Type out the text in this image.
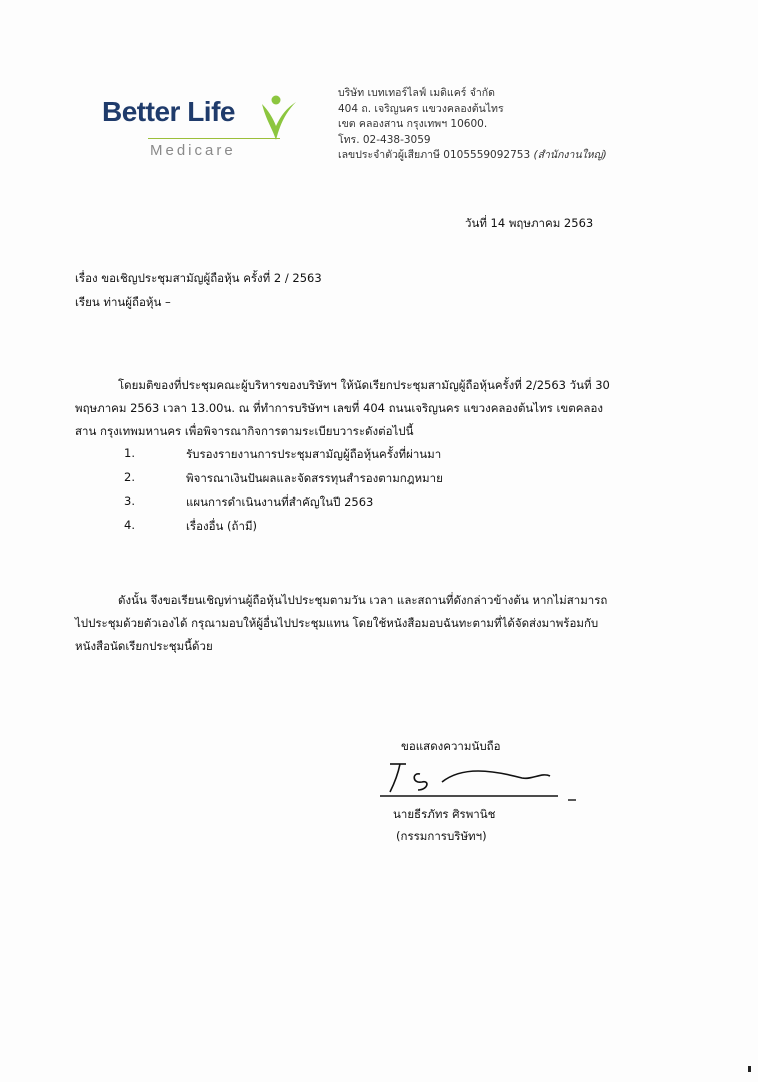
Better Life
Medicare
บริษัท เบทเทอร์ไลฟ์ เมดิแคร์ จำกัด
404 ถ. เจริญนคร แขวงคลองต้นไทร
เขต คลองสาน กรุงเทพฯ 10600.
โทร. 02-438-3059
เลขประจำตัวผู้เสียภาษี 0105559092753 (สำนักงานใหญ่)
วันที่ 14 พฤษภาคม 2563
เรื่อง ขอเชิญประชุมสามัญผู้ถือหุ้น ครั้งที่ 2 / 2563
เรียน ท่านผู้ถือหุ้น –
โดยมติของที่ประชุมคณะผู้บริหารของบริษัทฯ ให้นัดเรียกประชุมสามัญผู้ถือหุ้นครั้งที่ 2/2563 วันที่ 30
พฤษภาคม 2563 เวลา 13.00น. ณ ที่ทำการบริษัทฯ เลขที่ 404 ถนนเจริญนคร แขวงคลองต้นไทร เขตคลอง
สาน กรุงเทพมหานคร เพื่อพิจารณากิจการตามระเบียบวาระดังต่อไปนี้
1.	รับรองรายงานการประชุมสามัญผู้ถือหุ้นครั้งที่ผ่านมา
2.	พิจารณาเงินปันผลและจัดสรรทุนสำรองตามกฎหมาย
3.	แผนการดำเนินงานที่สำคัญในปี 2563
4.	เรื่องอื่น (ถ้ามี)
ดังนั้น จึงขอเรียนเชิญท่านผู้ถือหุ้นไปประชุมตามวัน เวลา และสถานที่ดังกล่าวข้างต้น หากไม่สามารถ
ไปประชุมด้วยตัวเองได้ กรุณามอบให้ผู้อื่นไปประชุมแทน โดยใช้หนังสือมอบฉันทะตามที่ได้จัดส่งมาพร้อมกับ
หนังสือนัดเรียกประชุมนี้ด้วย
ขอแสดงความนับถือ
นายธีรภัทร ศิรพานิช
(กรรมการบริษัทฯ)
